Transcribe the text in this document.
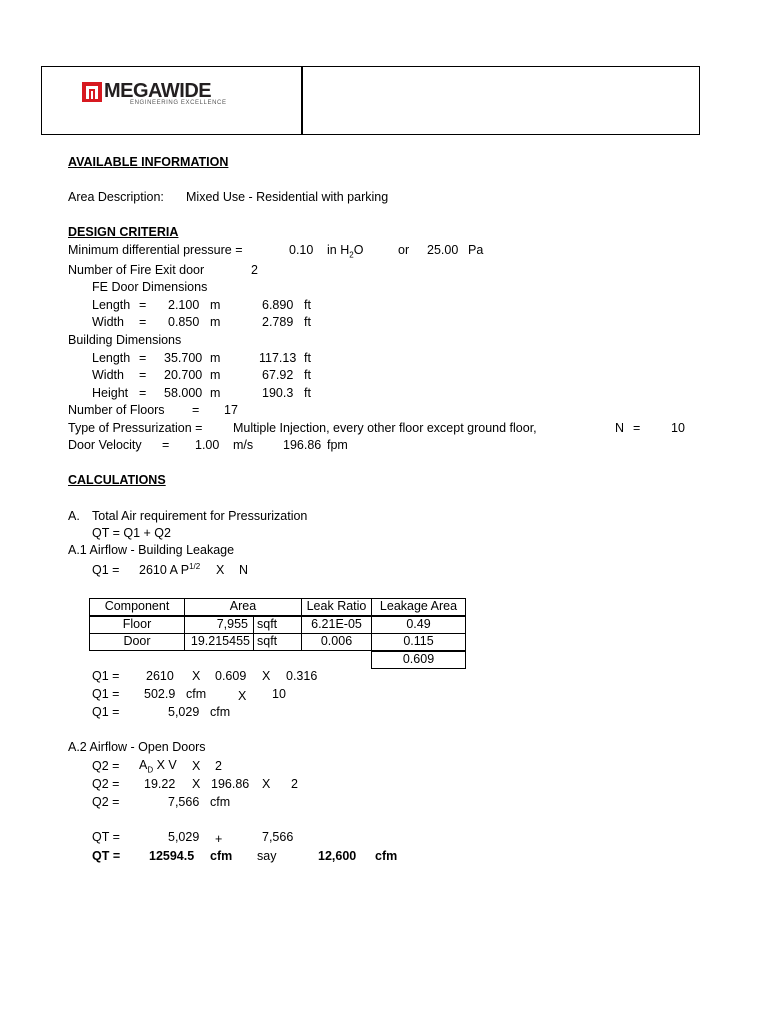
MEGAWIDE
ENGINEERING EXCELLENCE
AVAILABLE INFORMATION
Area Description: Mixed Use - Residential with parking
DESIGN CRITERIA
Minimum differential pressure =	0.10 in $H_2O$	or 25.00 Pa
Number of Fire Exit door	2
FE Door Dimensions
Length = 2.100 m	6.890 ft
Width = 0.850 m	2.789 ft
Building Dimensions
Length = 35.700 m	117.13 ft
Width = 20.700 m	67.92 ft
Height = 58.000 m	190.3 ft
Number of Floors = 17
Type of Pressurization = Multiple Injection, every other floor except ground floor,	N = 10
Door Velocity = 1.00 m/s 196.86 fpm
CALCULATIONS
A. Total Air requirement for Pressurization
QT = Q1 + Q2
A.1 Airflow - Building Leakage
Q1 = 2610 A $P^{1/2}$ X N
Component	Area	Leak Ratio	Leakage Area
Floor	7,955 sqft	6.21E-05	0.49
Door	19.215455 sqft	0.006	0.115
0.609
Q1 = 2610 X 0.609 X 0.316
Q1 = 502.9 cfm	X 10
Q1 =	5,029 cfm
A.2 Airflow - Open Doors
$Q2 = A_D$ X V X 2
Q2 = 19.22 X 196.86 X 2
Q2 =	7,566 cfm
QT =	5,029 +	7,566
QT = 12594.5 cfm say	12,600 cfm
